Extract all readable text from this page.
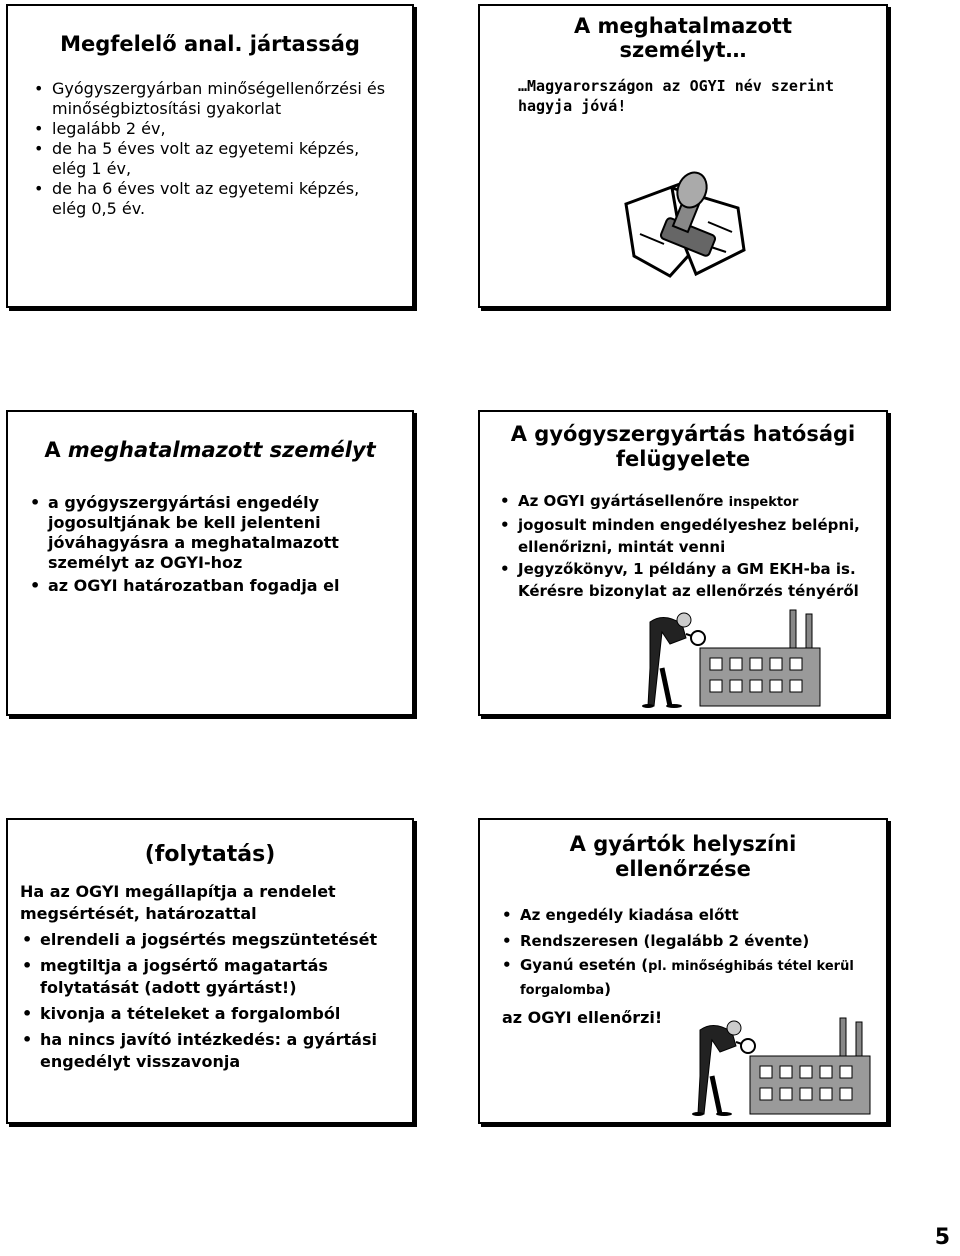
Megfelelő anal. jártasság
• Gyógyszergyárban minőségellenőrzési és minőségbiztosítási gyakorlat
• legalább 2 év,
• de ha 5 éves volt az egyetemi képzés, elég 1 év,
• de ha 6 éves volt az egyetemi képzés, elég 0,5 év.
A meghatalmazott személyt…
…Magyarországon az OGYI név szerint hagyja jóvá!
A meghatalmazott személyt
• a gyógyszergyártási engedély jogosultjának be kell jelenteni jóváhagyásra a meghatalmazott személyt az OGYI-hoz
• az OGYI határozatban fogadja el
A gyógyszergyártás hatósági felügyelete
• Az OGYI gyártásellenőre inspektor
• jogosult minden engedélyeshez belépni, ellenőrizni, mintát venni
• Jegyzőkönyv, 1 példány a GM EKH-ba is. Kérésre bizonylat az ellenőrzés tényéről
(folytatás)
Ha az OGYI megállapítja a rendelet megsértését, határozattal
• elrendeli a jogsértés megszüntetését
• megtiltja a jogsértő magatartás folytatását (adott gyártást!)
• kivonja a tételeket a forgalomból
• ha nincs javító intézkedés: a gyártási engedélyt visszavonja
A gyártók helyszíni ellenőrzése
• Az engedély kiadása előtt
• Rendszeresen (legalább 2 évente)
• Gyanú esetén (pl. minőséghibás tétel kerül forgalomba)
az OGYI ellenőrzi!
5
